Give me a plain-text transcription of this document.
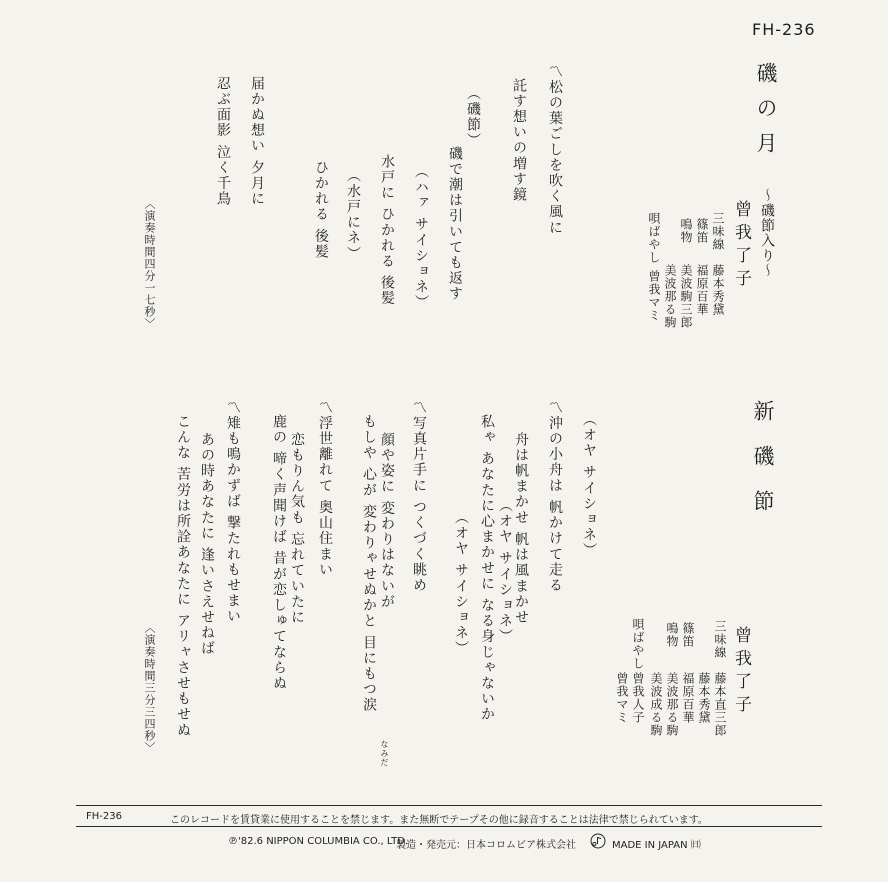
FH-236
磯の月
〜磯節入り〜
曾我了子
三味線
篠笛
鳴物
唄ばやし
藤本秀黛
福原百華
美波駒三郎
美波那る駒
曾我マミ
〽松の葉ごしを吹く風に
託す想いの増す鏡
（磯節）
磯で潮は引いても返す
（ハァ サイショネ）
水戸に ひかれる 後髪
（水戸にネ）
ひかれる 後髪
届かぬ想い 夕月に
忍ぶ面影 泣く千鳥
〈演奏時間四分一七秒〉
新磯節
曾我了子
三味線
篠笛
鳴物
唄ばやし
藤本直三郎
藤本秀黛
福原百華
美波那る駒
美波成る駒
曾我人子
曾我マミ
（オヤ サイショネ）
〽沖の小舟は 帆かけて走る
舟は帆まかせ 帆は風まかせ
（オヤ サイショネ）
私ゃ あなたに心まかせに なる身じゃないか
（オヤ サイショネ）
〽写真片手に つくづく眺め
顔や姿に 変わりはないが
もしや 心が 変わりゃせぬかと 目にもつ涙
なみだ
〽浮世離れて 奥山住まい
恋もりん気も 忘れていたに
鹿の 啼く声聞けば 昔が恋しゅてならぬ
〽雉も鳴かずば 撃たれもせまい
あの時あなたに 逢いさえせねば
こんな 苦労は所詮あなたに アリャさせもせぬ
〈演奏時間三分三四秒〉
FH-236	このレコードを賃貸業に使用することを禁じます。また無断でテープその他に録音することは法律で禁じられています。
℗'82.6 NIPPON COLUMBIA CO., LTD.
製造・発売元：日本コロムビア株式会社	MADE IN JAPAN ㈰
